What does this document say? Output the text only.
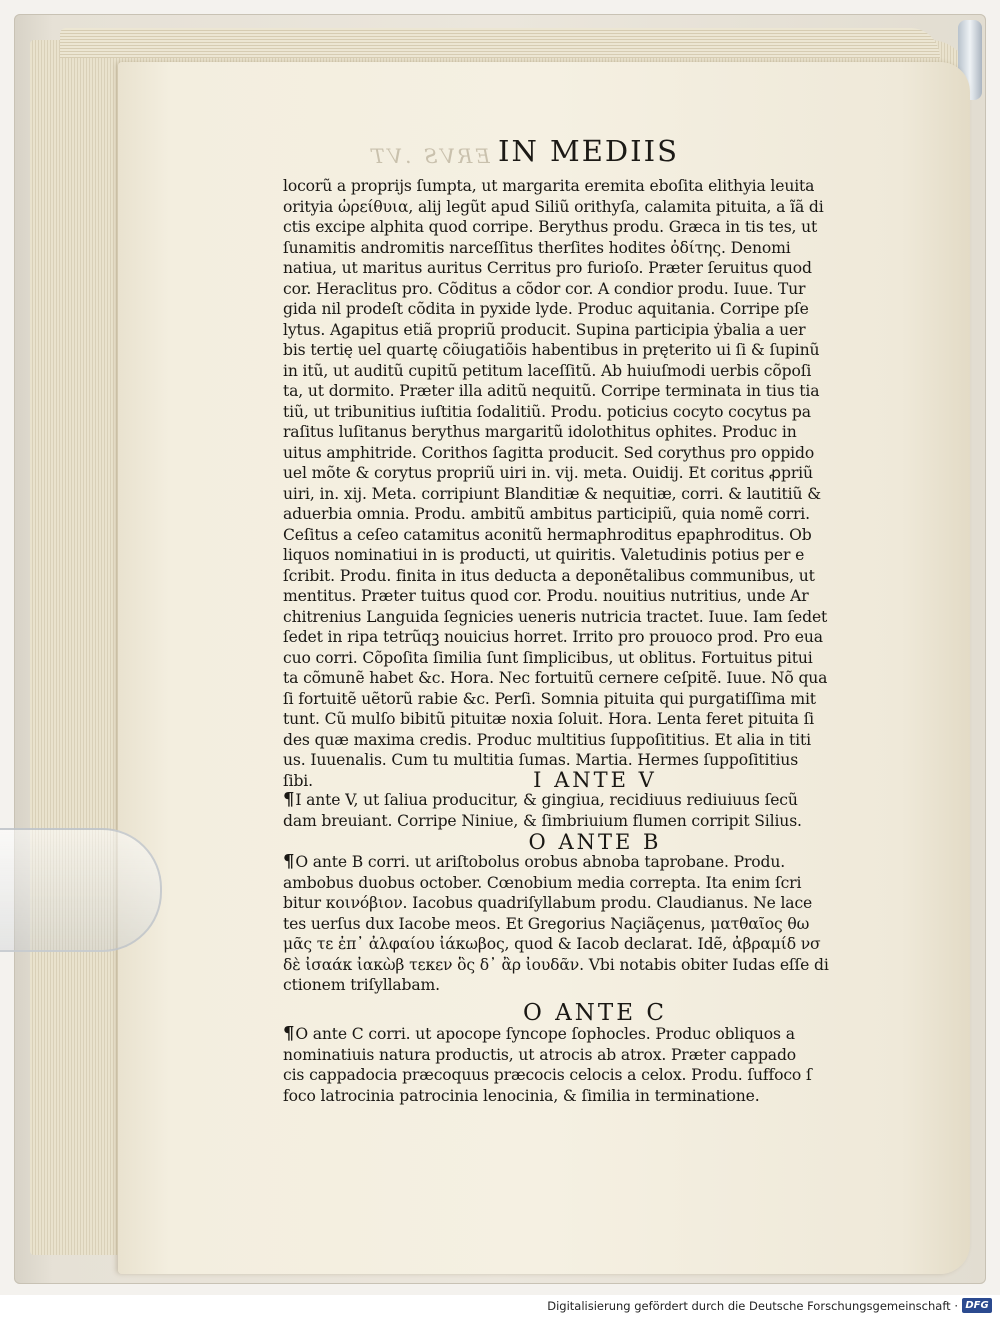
ERVS .VT IN MEDIIS
locorũ a proprijs ſumpta, ut margarita eremita eboſita elithyia leuita
orityia ὠρείθυια, alij legũt apud Siliũ orithyſa, calamita pituita, a ĩã di
ctis excipe alphita quod corripe. Berythus produ. Græca in tis tes, ut
ſunamitis andromitis narceſſitus therſites hodites ὀδίτης. Denomi
natiua, ut maritus auritus Cerritus pro furioſo. Præter ſeruitus quod
cor. Heraclitus pro. Cõditus a cõdor cor. A condior produ. Iuue. Tur
gida nil prodeſt cõdita in pyxide lyde. Produc aquitania. Corripe pſe
lytus. Agapitus etiã propriũ producit. Supina participia ẏbalia a uer
bis tertię uel quartę cõiugatiõis habentibus in pręterito ui ſi & ſupinũ
in itũ, ut auditũ cupitũ petitum laceſſitũ. Ab huiuſmodi uerbis cõpoſi
ta, ut dormito. Præter illa aditũ nequitũ. Corripe terminata in tius tia
tiũ, ut tribunitius iuſtitia ſodalitiũ. Produ. poticius cocyto cocytus pa
raſitus luſitanus berythus margaritũ idolothitus ophites. Produc in
uitus amphitride. Corithos ſagitta producit. Sed corythus pro oppido
uel mõte & corytus propriũ uiri in. vij. meta. Ouidij. Et coritus ꝓpriũ
uiri, in. xij. Meta. corripiunt Blanditiæ & nequitiæ, corri. & lautitiũ &
aduerbia omnia. Produ. ambitũ ambitus participiũ, quia nomẽ corri.
Ceſitus a ceſeo catamitus aconitũ hermaphroditus epaphroditus. Ob
liquos nominatiui in is producti, ut quiritis. Valetudinis potius per e
ſcribit. Produ. finita in itus deducta a deponẽtalibus communibus, ut
mentitus. Præter tuitus quod cor. Produ. nouitius nutritius, unde Ar
chitrenius Languida ſegnicies ueneris nutricia tractet. Iuue. Iam ſedet
ſedet in ripa tetrũqꝫ nouicius horret. Irrito pro prouoco prod. Pro eua
cuo corri. Cõpoſita ſimilia ſunt ſimplicibus, ut oblitus. Fortuitus pitui
ta cõmunẽ habet &c. Hora. Nec fortuitũ cernere ceſpitẽ. Iuue. Nõ qua
ſi fortuitẽ uẽtorũ rabie &c. Perſi. Somnia pituita qui purgatiſſima mit
tunt. Cũ mulſo bibitũ pituitæ noxia ſoluit. Hora. Lenta feret pituita ſi
des quæ maxima credis. Produc multitius ſuppoſititius. Et alia in titi
us. Iuuenalis. Cum tu multitia ſumas. Martia. Hermes ſuppoſititius
ſibi.	I ANTE V
¶I ante V, ut ſaliua producitur, & gingiua, recidiuus rediuiuus ſecũ
dam breuiant. Corripe Niniue, & ſimbriuium flumen corripit Silius.
O ANTE B
¶O ante B corri. ut ariſtobolus orobus abnoba taprobane. Produ.
ambobus duobus october. Cœnobium media correpta. Ita enim ſcri
bitur κοινόβιον. Iacobus quadriſyllabum produ. Claudianus. Ne lace
tes uerſus dux Iacobe meos. Et Gregorius Naçiãçenus, ματθαῖος θω
μᾶς τε ἐπ᾽ ἀλφαίου ἰάκωβος, quod & Iacob declarat. Idẽ, ἀβραμίδ νσ
δὲ ἰσαάκ ἰακὼβ τεκεν ὃς δ᾽ ἂρ ἰουδᾶν. Vbi notabis obiter Iudas eſſe di
ctionem triſyllabam.
O ANTE C
¶O ante C corri. ut apocope ſyncope ſophocles. Produc obliquos a
nominatiuis natura productis, ut atrocis ab atrox. Præter cappado
cis cappadocia præcoquus præcocis celocis a celox. Produ. ſuffoco ſ
foco latrocinia patrocinia lenocinia, & ſimilia in terminatione.
Digitalisierung gefördert durch die Deutsche Forschungsgemeinschaft · DFG
